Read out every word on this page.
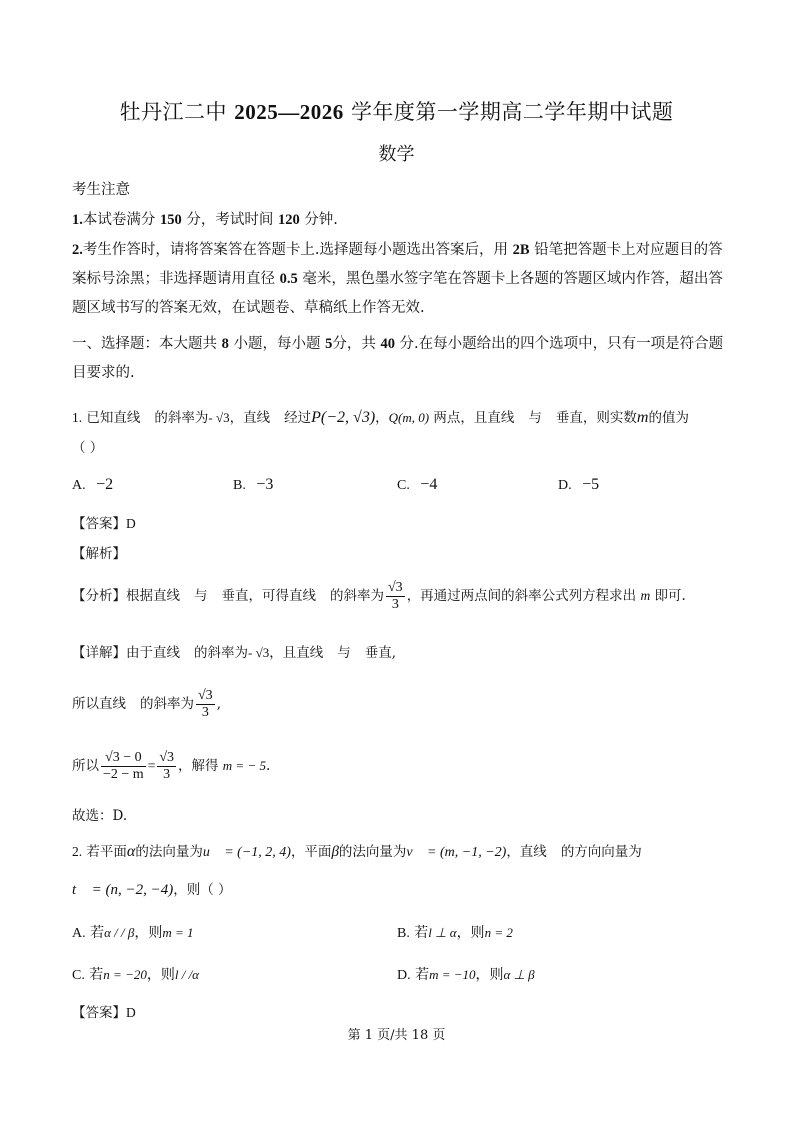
牡丹江二中 2025—2026 学年度第一学期高二学年期中试题
数学
考生注意
1.本试卷满分 150 分，考试时间 120 分钟.
2.考生作答时，请将答案答在答题卡上.选择题每小题选出答案后，用 2B 铅笔把答题卡上对应题目的答案标号涂黑；非选择题请用直径 0.5 毫米，黑色墨水签字笔在答题卡上各题的答题区域内作答，超出答题区域书写的答案无效，在试题卷、草稿纸上作答无效.
一、选择题：本大题共 8 小题，每小题 5分，共 40 分.在每小题给出的四个选项中，只有一项是符合题目要求的.
1. 已知直线 的斜率为- √3，直线 经过P(−2, √3)，Q(m, 0) 两点，且直线 与 垂直，则实数m的值为
（ ）
A. −2	B. −3	C. −4	D. −5
【答案】D
【解析】
【分析】根据直线 与 垂直，可得直线 的斜率为 $\frac{√3}{3}$ ，再通过两点间的斜率公式列方程求出 m 即可.
【详解】由于直线 的斜率为- √3，且直线 与 垂直,
所以直线 的斜率为 $\frac{√3}{3}$ ,
所以 $\frac{√3 - 0}{-2 - m} = \frac{√3}{3}$ ，解得 m = − 5.
故选：D.
2. 若平面α的法向量为u⃗ = (−1, 2, 4)，平面β的法向量为v⃗ = (m, −1, −2)，直线 的方向向量为
t⃗ = (n, −2, −4)，则（ ）
A. 若α / / β，则m = 1	B. 若l ⊥ α，则n = 2
C. 若n = −20，则l / /α	D. 若m = −10，则α ⊥ β
【答案】D
第 1 页/共 18 页
